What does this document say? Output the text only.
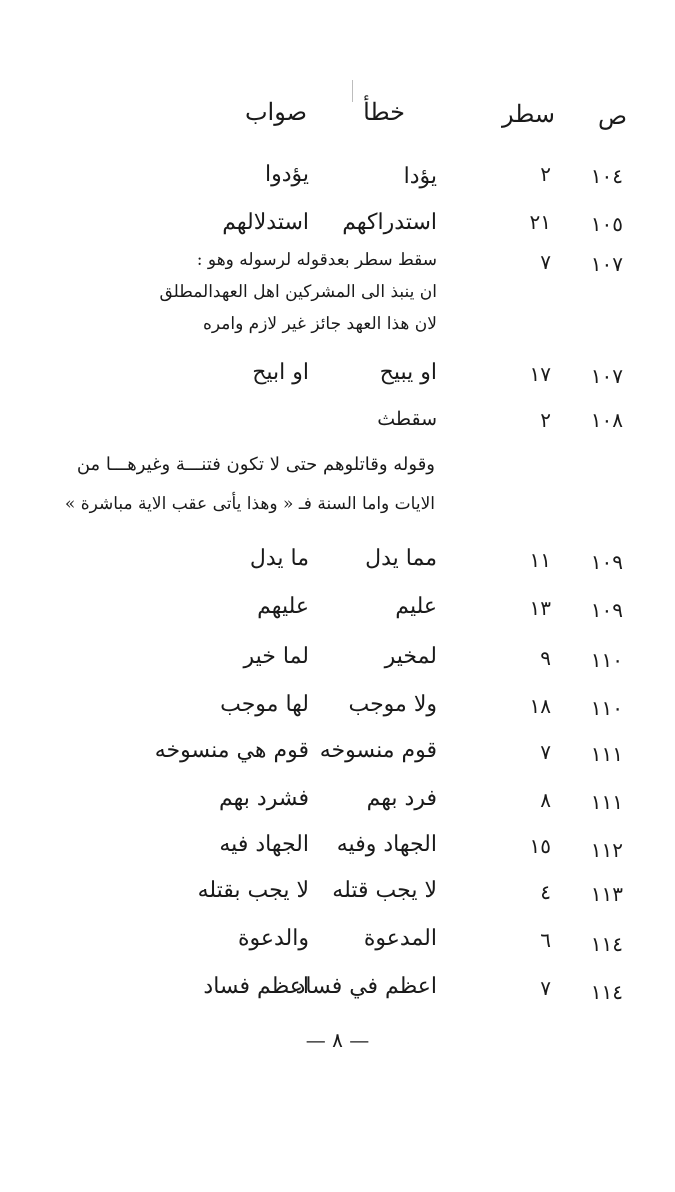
ص
سطر
خطأ
صواب
١٠٤
٢
يؤدا
يؤدوا
١٠٥
٢١
استدراكهم
استدلالهم
١٠٧
٧
سقط سطر بعدقوله لرسوله وهو :
ان ينبذ الى المشركين اهل العهدالمطلق
لان هذا العهد جائز غير لازم وامره
١٠٧
١٧
او يبيح
او ابيح
١٠٨
٢
سقطث
وقوله وقاتلوهم حتى لا تكون فتنـــة وغيرهـــا من
الايات واما السنة فـ « وهذا يأتى عقب الاية مباشرة »
١٠٩
١١
مما يدل
ما يدل
١٠٩
١٣
عليم
عليهم
١١٠
٩
لمخير
لما خير
١١٠
١٨
ولا موجب
لها موجب
١١١
٧
قوم منسوخه
قوم هي منسوخه
١١١
٨
فرد بهم
فشرد بهم
١١٢
١٥
الجهاد وفيه
الجهاد فيه
١١٣
٤
لا يجب قتله
لا يجب بقتله
١١٤
٦
المدعوة
والدعوة
١١٤
٧
اعظم في فساد
اعظم فساد
— ٨ —
